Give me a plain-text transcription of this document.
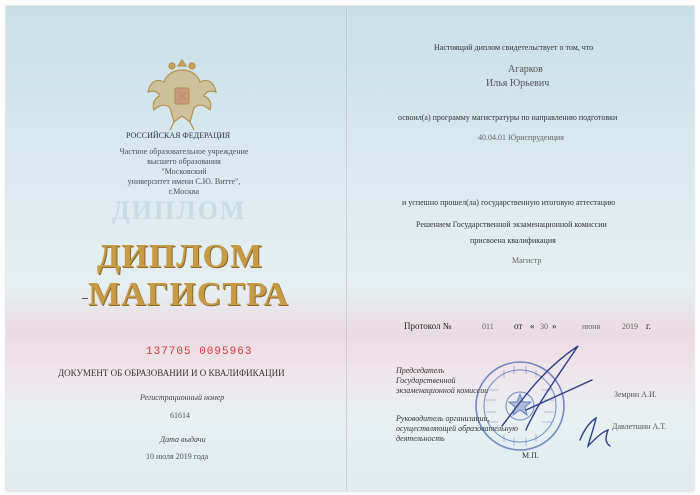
РОССИЙСКАЯ ФЕДЕРАЦИЯ
Частное образовательное учреждение
высшего образования
"Московский
университет имени С.Ю. Витте",
г.Москва
ДИПЛОМ
ДИПЛОМ
МАГИСТРА
137705 0095963
ДОКУМЕНТ ОБ ОБРАЗОВАНИИ И О КВАЛИФИКАЦИИ
Регистрационный номер
61614
Дата выдачи
10 июля 2019 года
Настоящий диплом свидетельствует о том, что
Агарков
Илья Юрьевич
освоил(а) программу магистратуры по направлению подготовки
40.04.01 Юриспруденция
и успешно прошел(ла) государственную итоговую аттестацию
Решением Государственной экзаменационной комиссии
присвоена квалификация
Магистр
Протокол №	011 от « 30 »	июня	2019 г.
Председатель
Государственной
экзаменационной комиссии	Земрин А.И.
Руководитель организации,
осуществляющей образовательную
деятельность
Давлетшин А.Т.
М.П.
